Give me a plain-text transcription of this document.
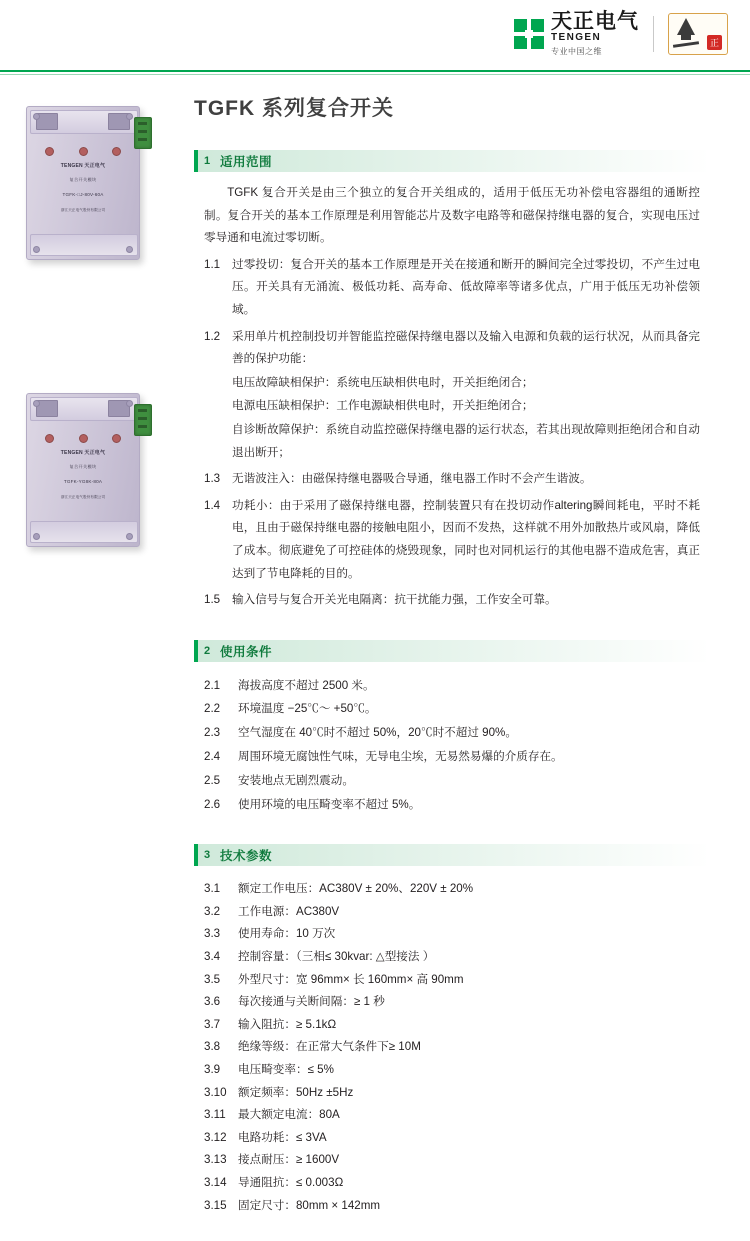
天正电气
TENGEN
专业中国之维
正
TENGEN 天正电气
复合开关模块
TGFK-□J-80V-60A
浙江天正电气股份有限公司
TENGEN 天正电气
复合开关模块
TGFK-YG8K-80A
浙江天正电气股份有限公司
TGFK 系列复合开关
1 适用范围
TGFK 复合开关是由三个独立的复合开关组成的，适用于低压无功补偿电容器组的通断控制。复合开关的基本工作原理是利用智能芯片及数字电路等和磁保持继电器的复合，实现电压过零导通和电流过零切断。
1.1	过零投切：复合开关的基本工作原理是开关在接通和断开的瞬间完全过零投切，不产生过电压。开关具有无涌流、极低功耗、高寿命、低故障率等诸多优点，广用于低压无功补偿领域。
1.2	采用单片机控制投切并智能监控磁保持继电器以及输入电源和负载的运行状况，从而具备完善的保护功能：
电压故障缺相保护：系统电压缺相供电时，开关拒绝闭合；
电源电压缺相保护：工作电源缺相供电时，开关拒绝闭合；
自诊断故障保护：系统自动监控磁保持继电器的运行状态，若其出现故障则拒绝闭合和自动退出断开；
1.3	无谐波注入：由磁保持继电器吸合导通，继电器工作时不会产生谐波。
1.4	功耗小：由于采用了磁保持继电器，控制装置只有在投切动作altering瞬间耗电，平时不耗电，且由于磁保持继电器的接触电阻小，因而不发热，这样就不用外加散热片或风扇，降低了成本。彻底避免了可控硅体的烧毁现象，同时也对同机运行的其他电器不造成危害，真正达到了节电降耗的目的。
1.5	输入信号与复合开关光电隔离：抗干扰能力强，工作安全可靠。
2 使用条件
2.1	海拔高度不超过 2500 米。
2.2	环境温度 −25℃～ +50℃。
2.3	空气湿度在 40℃时不超过 50%，20℃时不超过 90%。
2.4	周围环境无腐蚀性气味，无导电尘埃，无易然易爆的介质存在。
2.5	安装地点无剧烈震动。
2.6	使用环境的电压畸变率不超过 5%。
3 技术参数
3.1	额定工作电压：AC380V ± 20%、220V ± 20%
3.2	工作电源：AC380V
3.3	使用寿命：10 万次
3.4	控制容量：（三相≤ 30kvar: △型接法 ）
3.5	外型尺寸：宽 96mm× 长 160mm× 高 90mm
3.6	每次接通与关断间隔：≥ 1 秒
3.7	输入阻抗：≥ 5.1kΩ
3.8	绝缘等级：在正常大气条件下≥ 10M
3.9	电压畸变率：≤ 5%
3.10 额定频率：50Hz ±5Hz
3.11	最大额定电流：80A
3.12 电路功耗：≤ 3VA
3.13 接点耐压：≥ 1600V
3.14 导通阻抗：≤ 0.003Ω
3.15 固定尺寸：80mm × 142mm
